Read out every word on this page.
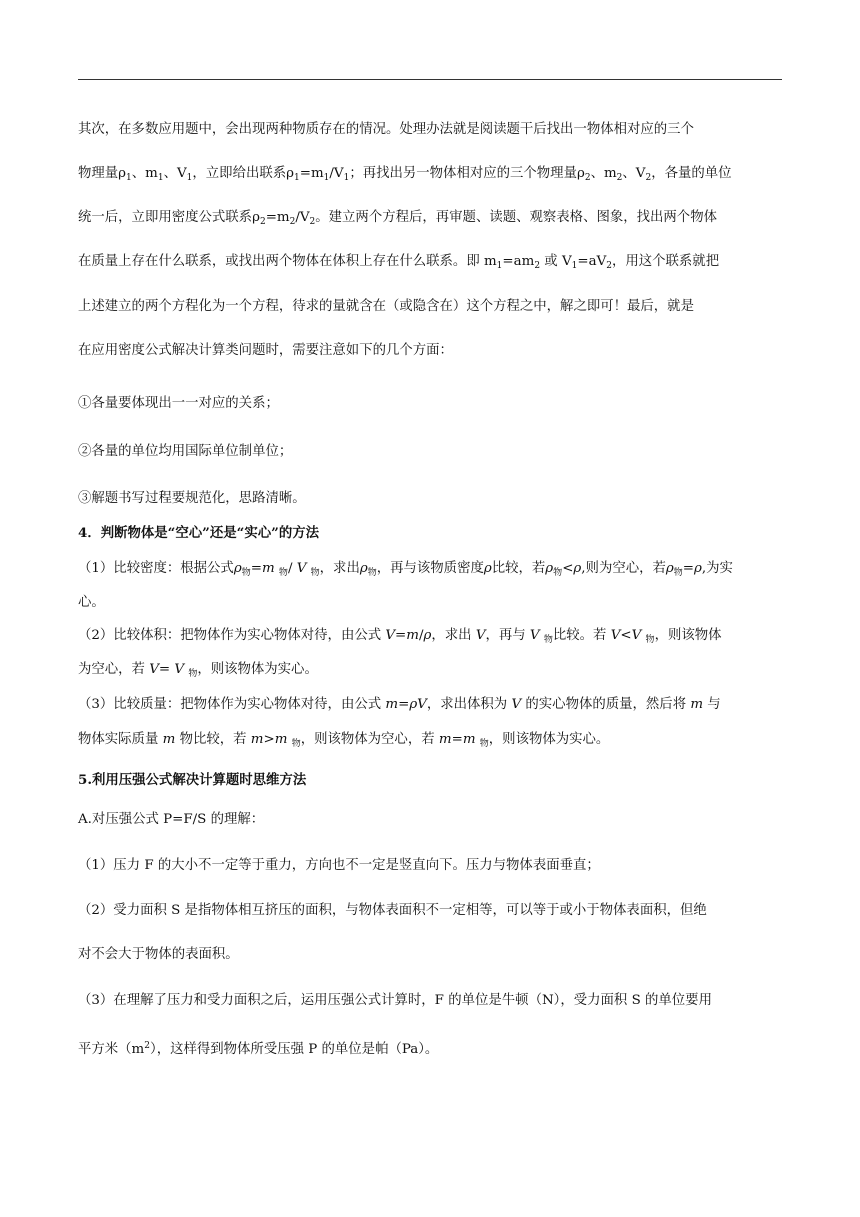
其次，在多数应用题中，会出现两种物质存在的情况。处理办法就是阅读题干后找出一物体相对应的三个
物理量$\rho_1$、$m_1$、$V_1$，立即给出联系$\rho_1=m_1/V_1$；再找出另一物体相对应的三个物理量$\rho_2$、$m_2$、$V_2$，各量的单位
统一后，立即用密度公式联系$\rho_2=m_2/V_2$。建立两个方程后，再审题、读题、观察表格、图象，找出两个物体
在质量上存在什么联系，或找出两个物体在体积上存在什么联系。即 $m_1=am_2$ 或 $V_1=aV_2$，用这个联系就把
上述建立的两个方程化为一个方程，待求的量就含在（或隐含在）这个方程之中，解之即可！最后，就是
在应用密度公式解决计算类问题时，需要注意如下的几个方面：
①各量要体现出一一对应的关系；
②各量的单位均用国际单位制单位；
③解题书写过程要规范化，思路清晰。
4．判断物体是“空心”还是“实心”的方法
（1）比较密度：根据公式$\rho_物=m$ $_物$/ V $_物$，求出$\rho_物$，再与该物质密度ρ比较，若$\rho_物<\rho$,则为空心，若$\rho_物=\rho$,为实
心。
（2）比较体积：把物体作为实心物体对待，由公式 V=m/ρ，求出 V，再与 V $_物$比较。若 V<V $_物$，则该物体
为空心，若 V= V $_物$，则该物体为实心。
（3）比较质量：把物体作为实心物体对待，由公式 m=ρV，求出体积为 V 的实心物体的质量，然后将 m 与
物体实际质量 m 物比较，若 m>m $_物$，则该物体为空心，若 m=m $_物$，则该物体为实心。
5.利用压强公式解决计算题时思维方法
A.对压强公式 P=F/S 的理解：
（1）压力 F 的大小不一定等于重力，方向也不一定是竖直向下。压力与物体表面垂直；
（2）受力面积 S 是指物体相互挤压的面积，与物体表面积不一定相等，可以等于或小于物体表面积，但绝
对不会大于物体的表面积。
（3）在理解了压力和受力面积之后，运用压强公式计算时，F 的单位是牛顿（N），受力面积 S 的单位要用
平方米$(m^2)$，这样得到物体所受压强 P 的单位是帕（Pa）。
